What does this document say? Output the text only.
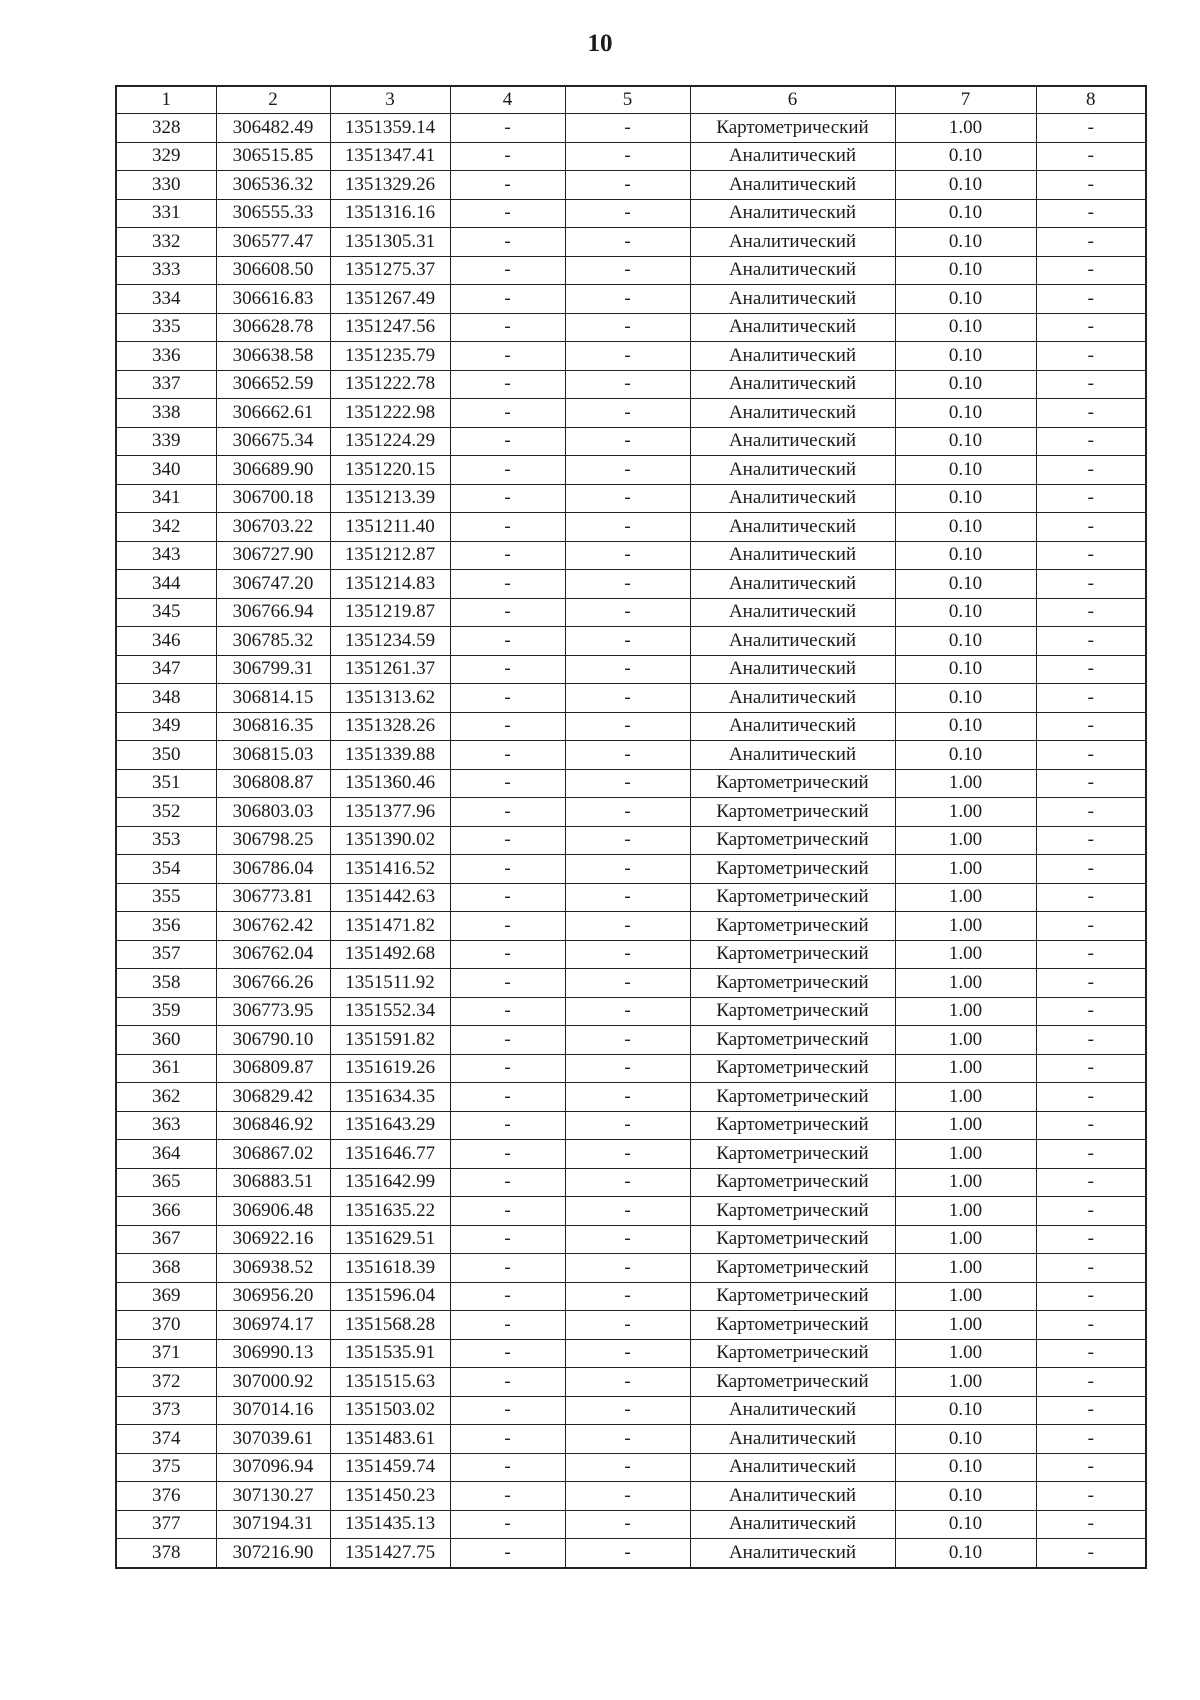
10
1	2	3	4	5	6	7	8
328	306482.49	1351359.14	-	-	Картометрический	1.00	-
329	306515.85	1351347.41	-	-	Аналитический	0.10	-
330	306536.32	1351329.26	-	-	Аналитический	0.10	-
331	306555.33	1351316.16	-	-	Аналитический	0.10	-
332	306577.47	1351305.31	-	-	Аналитический	0.10	-
333	306608.50	1351275.37	-	-	Аналитический	0.10	-
334	306616.83	1351267.49	-	-	Аналитический	0.10	-
335	306628.78	1351247.56	-	-	Аналитический	0.10	-
336	306638.58	1351235.79	-	-	Аналитический	0.10	-
337	306652.59	1351222.78	-	-	Аналитический	0.10	-
338	306662.61	1351222.98	-	-	Аналитический	0.10	-
339	306675.34	1351224.29	-	-	Аналитический	0.10	-
340	306689.90	1351220.15	-	-	Аналитический	0.10	-
341	306700.18	1351213.39	-	-	Аналитический	0.10	-
342	306703.22	1351211.40	-	-	Аналитический	0.10	-
343	306727.90	1351212.87	-	-	Аналитический	0.10	-
344	306747.20	1351214.83	-	-	Аналитический	0.10	-
345	306766.94	1351219.87	-	-	Аналитический	0.10	-
346	306785.32	1351234.59	-	-	Аналитический	0.10	-
347	306799.31	1351261.37	-	-	Аналитический	0.10	-
348	306814.15	1351313.62	-	-	Аналитический	0.10	-
349	306816.35	1351328.26	-	-	Аналитический	0.10	-
350	306815.03	1351339.88	-	-	Аналитический	0.10	-
351	306808.87	1351360.46	-	-	Картометрический	1.00	-
352	306803.03	1351377.96	-	-	Картометрический	1.00	-
353	306798.25	1351390.02	-	-	Картометрический	1.00	-
354	306786.04	1351416.52	-	-	Картометрический	1.00	-
355	306773.81	1351442.63	-	-	Картометрический	1.00	-
356	306762.42	1351471.82	-	-	Картометрический	1.00	-
357	306762.04	1351492.68	-	-	Картометрический	1.00	-
358	306766.26	1351511.92	-	-	Картометрический	1.00	-
359	306773.95	1351552.34	-	-	Картометрический	1.00	-
360	306790.10	1351591.82	-	-	Картометрический	1.00	-
361	306809.87	1351619.26	-	-	Картометрический	1.00	-
362	306829.42	1351634.35	-	-	Картометрический	1.00	-
363	306846.92	1351643.29	-	-	Картометрический	1.00	-
364	306867.02	1351646.77	-	-	Картометрический	1.00	-
365	306883.51	1351642.99	-	-	Картометрический	1.00	-
366	306906.48	1351635.22	-	-	Картометрический	1.00	-
367	306922.16	1351629.51	-	-	Картометрический	1.00	-
368	306938.52	1351618.39	-	-	Картометрический	1.00	-
369	306956.20	1351596.04	-	-	Картометрический	1.00	-
370	306974.17	1351568.28	-	-	Картометрический	1.00	-
371	306990.13	1351535.91	-	-	Картометрический	1.00	-
372	307000.92	1351515.63	-	-	Картометрический	1.00	-
373	307014.16	1351503.02	-	-	Аналитический	0.10	-
374	307039.61	1351483.61	-	-	Аналитический	0.10	-
375	307096.94	1351459.74	-	-	Аналитический	0.10	-
376	307130.27	1351450.23	-	-	Аналитический	0.10	-
377	307194.31	1351435.13	-	-	Аналитический	0.10	-
378	307216.90	1351427.75	-	-	Аналитический	0.10	-
